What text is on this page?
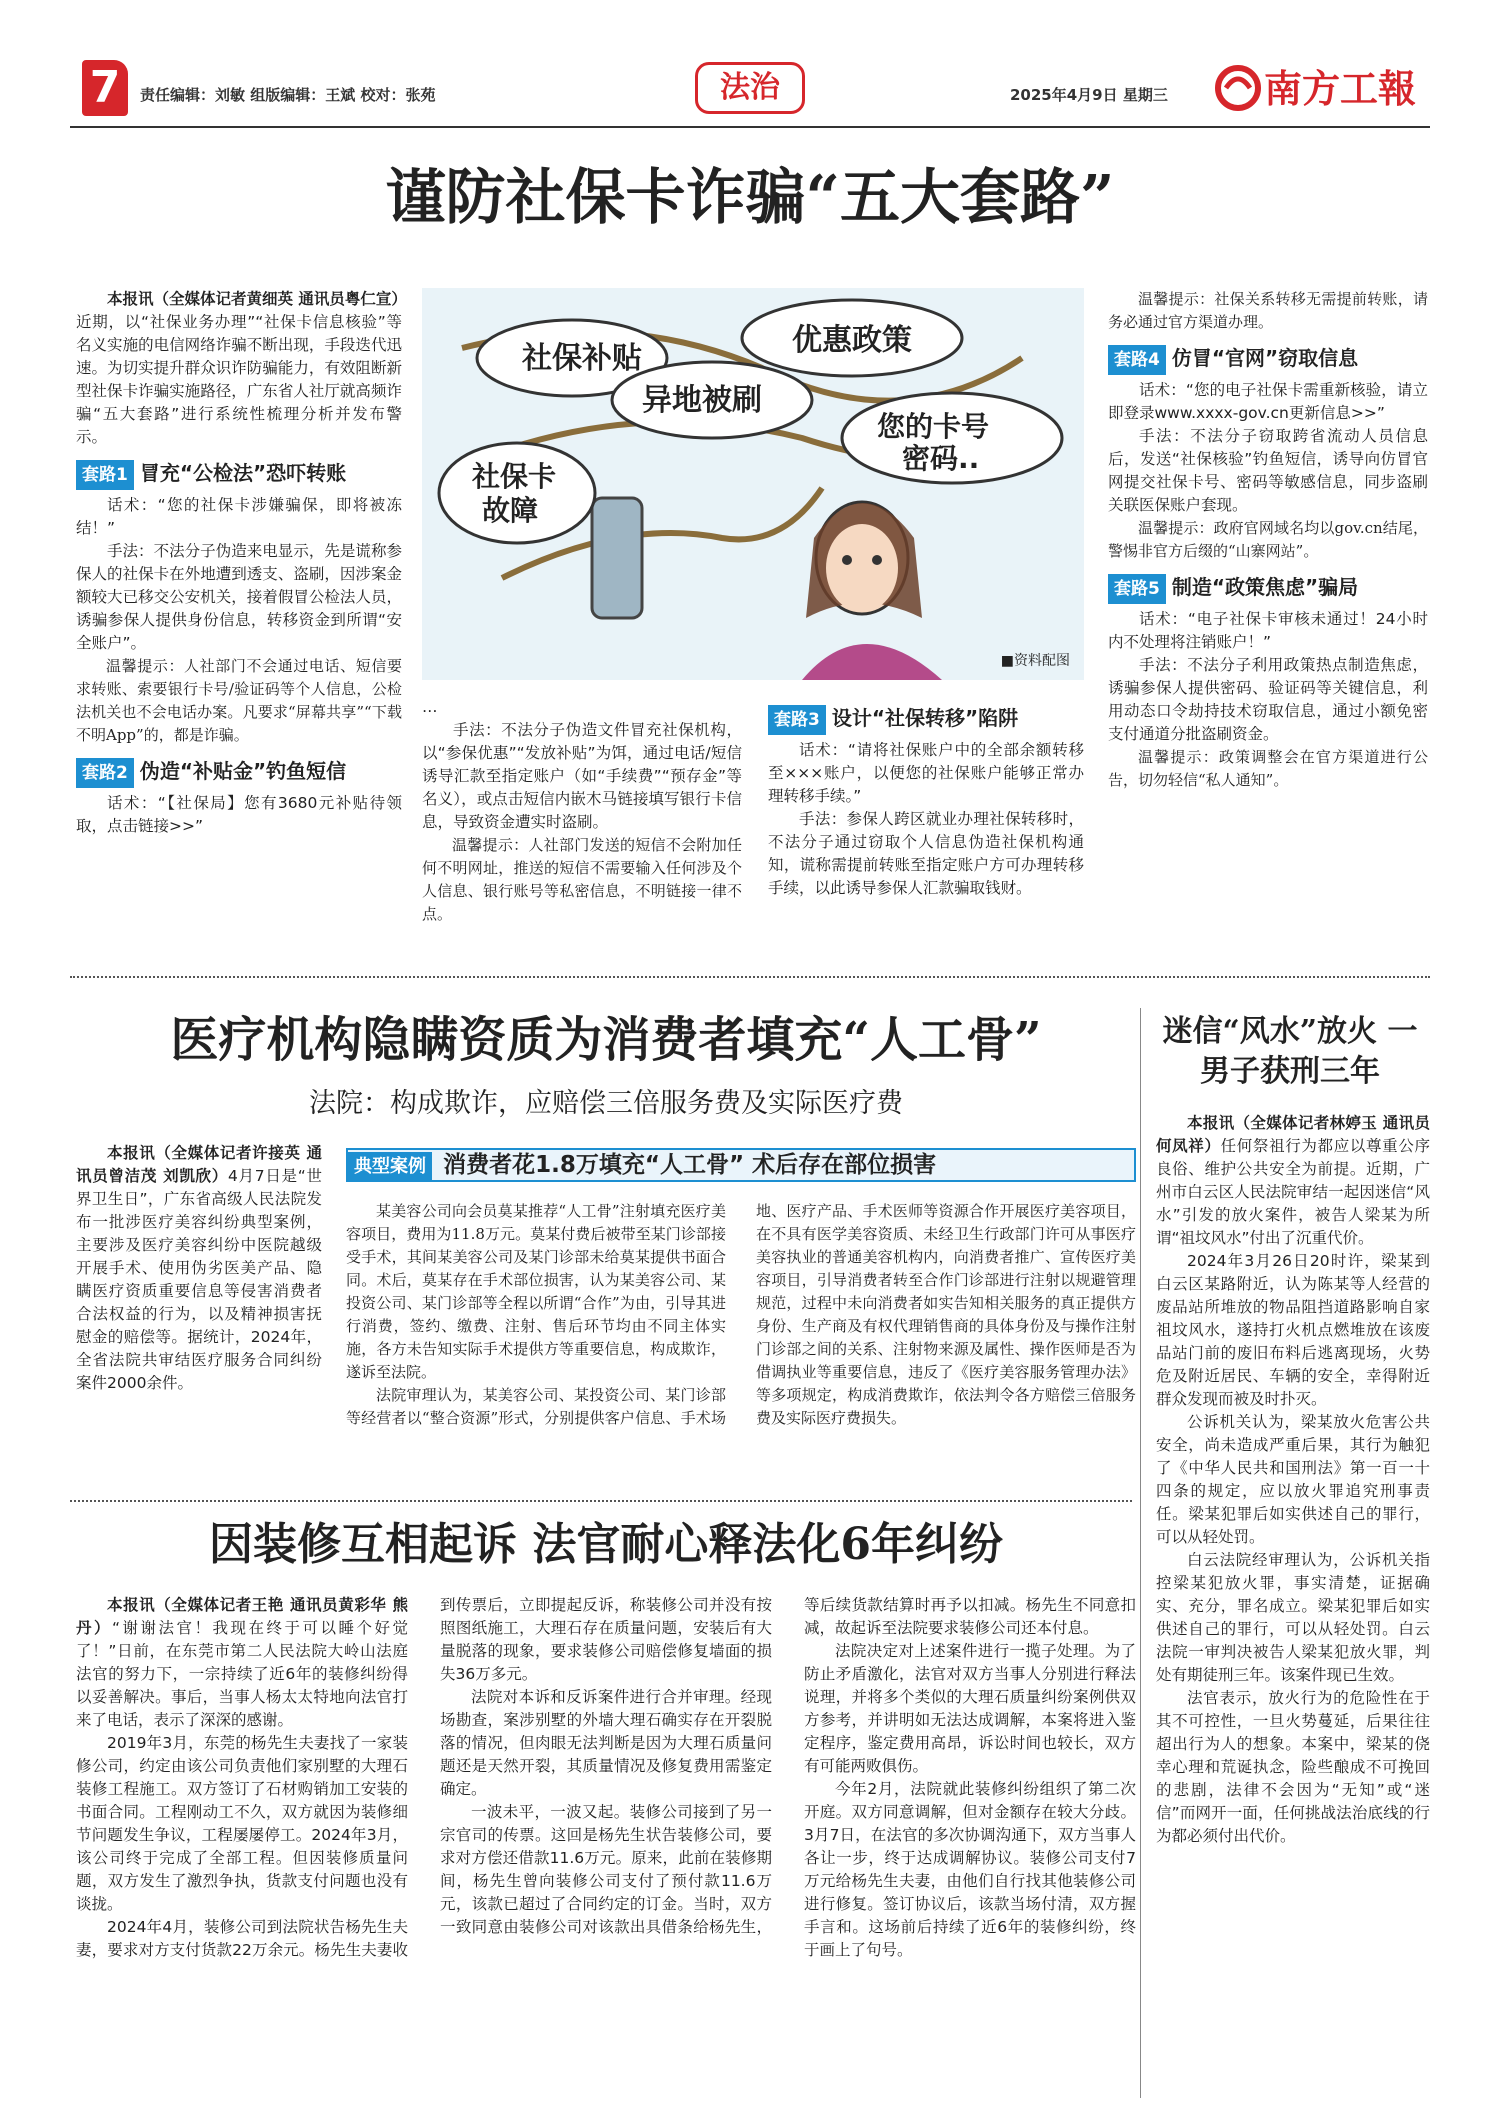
7	责任编辑：刘敏 组版编辑：王斌 校对：张苑	法治	2025年4月9日 星期三	南方工報
谨防社保卡诈骗“五大套路”

本报讯（全媒体记者黄细英 通讯员粤仁宣）近期，以“社保业务办理”“社保卡信息核验”等名义实施的电信网络诈骗不断出现，手段迭代迅速。为切实提升群众识诈防骗能力，有效阻断新型社保卡诈骗实施路径，广东省人社厅就高频诈骗“五大套路”进行系统性梳理分析并发布警示。

套路1 冒充“公检法”恐吓转账

话术：“您的社保卡涉嫌骗保，即将被冻结！”

手法：不法分子伪造来电显示，先是谎称参保人的社保卡在外地遭到透支、盗刷，因涉案金额较大已移交公安机关，接着假冒公检法人员，诱骗参保人提供身份信息，转移资金到所谓“安全账户”。

温馨提示：人社部门不会通过电话、短信要求转账、索要银行卡号/验证码等个人信息，公检法机关也不会电话办案。凡要求“屏幕共享”“下载不明App”的，都是诈骗。

套路2 伪造“补贴金”钓鱼短信

话术：“【社保局】您有3680元补贴待领取，点击链接>>”

社保补贴
异地被刷
优惠政策
您的卡号
密码..
社保卡
故障
■资料配图

…

手法：不法分子伪造文件冒充社保机构，以“参保优惠”“发放补贴”为饵，通过电话/短信诱导汇款至指定账户（如“手续费”“预存金”等名义），或点击短信内嵌木马链接填写银行卡信息，导致资金遭实时盗刷。

温馨提示：人社部门发送的短信不会附加任何不明网址，推送的短信不需要输入任何涉及个人信息、银行账号等私密信息，不明链接一律不点。

套路3 设计“社保转移”陷阱

话术：“请将社保账户中的全部余额转移至×××账户，以便您的社保账户能够正常办理转移手续。”

手法：参保人跨区就业办理社保转移时，不法分子通过窃取个人信息伪造社保机构通知，谎称需提前转账至指定账户方可办理转移手续，以此诱导参保人汇款骗取钱财。

温馨提示：社保关系转移无需提前转账，请务必通过官方渠道办理。

套路4 仿冒“官网”窃取信息

话术：“您的电子社保卡需重新核验，请立即登录www.xxxx-gov.cn更新信息>>”

手法：不法分子窃取跨省流动人员信息后，发送“社保核验”钓鱼短信，诱导向仿冒官网提交社保卡号、密码等敏感信息，同步盗刷关联医保账户套现。

温馨提示：政府官网域名均以gov.cn结尾，警惕非官方后缀的“山寨网站”。

套路5 制造“政策焦虑”骗局

话术：“电子社保卡审核未通过！24小时内不处理将注销账户！”

手法：不法分子利用政策热点制造焦虑，诱骗参保人提供密码、验证码等关键信息，利用动态口令劫持技术窃取信息，通过小额免密支付通道分批盗刷资金。

温馨提示：政策调整会在官方渠道进行公告，切勿轻信“私人通知”。

医疗机构隐瞒资质为消费者填充“人工骨”
法院：构成欺诈，应赔偿三倍服务费及实际医疗费

本报讯（全媒体记者许接英 通讯员曾洁茂 刘凯欣）4月7日是“世界卫生日”，广东省高级人民法院发布一批涉医疗美容纠纷典型案例，主要涉及医疗美容纠纷中医院越级开展手术、使用伪劣医美产品、隐瞒医疗资质重要信息等侵害消费者合法权益的行为，以及精神损害抚慰金的赔偿等。据统计，2024年，全省法院共审结医疗服务合同纠纷案件2000余件。

典型案例 消费者花1.8万填充“人工骨” 术后存在部位损害

某美容公司向会员莫某推荐“人工骨”注射填充医疗美容项目，费用为11.8万元。莫某付费后被带至某门诊部接受手术，其间某美容公司及某门诊部未给莫某提供书面合同。术后，莫某存在手术部位损害，认为某美容公司、某投资公司、某门诊部等全程以所谓“合作”为由，引导其进行消费，签约、缴费、注射、售后环节均由不同主体实施，各方未告知实际手术提供方等重要信息，构成欺诈，遂诉至法院。

法院审理认为，某美容公司、某投资公司、某门诊部等经营者以“整合资源”形式，分别提供客户信息、手术场地、医疗产品、手术医师等资源合作开展医疗美容项目，在不具有医学美容资质、未经卫生行政部门许可从事医疗美容执业的普通美容机构内，向消费者推广、宣传医疗美容项目，引导消费者转至合作门诊部进行注射以规避管理规范，过程中未向消费者如实告知相关服务的真正提供方身份、生产商及有权代理销售商的具体身份及与操作注射门诊部之间的关系、注射物来源及属性、操作医师是否为借调执业等重要信息，违反了《医疗美容服务管理办法》等多项规定，构成消费欺诈，依法判令各方赔偿三倍服务费及实际医疗费损失。

迷信“风水”放火 一男子获刑三年

本报讯（全媒体记者林婷玉 通讯员何凤祥）任何祭祖行为都应以尊重公序良俗、维护公共安全为前提。近期，广州市白云区人民法院审结一起因迷信“风水”引发的放火案件，被告人梁某为所谓“祖坟风水”付出了沉重代价。

2024年3月26日20时许，梁某到白云区某路附近，认为陈某等人经营的废品站所堆放的物品阻挡道路影响自家祖坟风水，遂持打火机点燃堆放在该废品站门前的废旧布料后逃离现场，火势危及附近居民、车辆的安全，幸得附近群众发现而被及时扑灭。

公诉机关认为，梁某放火危害公共安全，尚未造成严重后果，其行为触犯了《中华人民共和国刑法》第一百一十四条的规定，应以放火罪追究刑事责任。梁某犯罪后如实供述自己的罪行，可以从轻处罚。

白云法院经审理认为，公诉机关指控梁某犯放火罪，事实清楚，证据确实、充分，罪名成立。梁某犯罪后如实供述自己的罪行，可以从轻处罚。白云法院一审判决被告人梁某犯放火罪，判处有期徒刑三年。该案件现已生效。

法官表示，放火行为的危险性在于其不可控性，一旦火势蔓延，后果往往超出行为人的想象。本案中，梁某的侥幸心理和荒诞执念，险些酿成不可挽回的悲剧，法律不会因为“无知”或“迷信”而网开一面，任何挑战法治底线的行为都必须付出代价。

因装修互相起诉 法官耐心释法化6年纠纷

本报讯（全媒体记者王艳 通讯员黄彩华 熊丹）“谢谢法官！我现在终于可以睡个好觉了！”日前，在东莞市第二人民法院大岭山法庭法官的努力下，一宗持续了近6年的装修纠纷得以妥善解决。事后，当事人杨太太特地向法官打来了电话，表示了深深的感谢。

2019年3月，东莞的杨先生夫妻找了一家装修公司，约定由该公司负责他们家别墅的大理石装修工程施工。双方签订了石材购销加工安装的书面合同。工程刚动工不久，双方就因为装修细节问题发生争议，工程屡屡停工。2024年3月，该公司终于完成了全部工程。但因装修质量问题，双方发生了激烈争执，货款支付问题也没有谈拢。

2024年4月，装修公司到法院状告杨先生夫妻，要求对方支付货款22万余元。杨先生夫妻收到传票后，立即提起反诉，称装修公司并没有按照图纸施工，大理石存在质量问题，安装后有大量脱落的现象，要求装修公司赔偿修复墙面的损失36万多元。

法院对本诉和反诉案件进行合并审理。经现场勘查，案涉别墅的外墙大理石确实存在开裂脱落的情况，但肉眼无法判断是因为大理石质量问题还是天然开裂，其质量情况及修复费用需鉴定确定。

一波未平，一波又起。装修公司接到了另一宗官司的传票。这回是杨先生状告装修公司，要求对方偿还借款11.6万元。原来，此前在装修期间，杨先生曾向装修公司支付了预付款11.6万元，该款已超过了合同约定的订金。当时，双方一致同意由装修公司对该款出具借条给杨先生，等后续货款结算时再予以扣减。杨先生不同意扣减，故起诉至法院要求装修公司还本付息。

法院决定对上述案件进行一揽子处理。为了防止矛盾激化，法官对双方当事人分别进行释法说理，并将多个类似的大理石质量纠纷案例供双方参考，并讲明如无法达成调解，本案将进入鉴定程序，鉴定费用高昂，诉讼时间也较长，双方有可能两败俱伤。

今年2月，法院就此装修纠纷组织了第二次开庭。双方同意调解，但对金额存在较大分歧。3月7日，在法官的多次协调沟通下，双方当事人各让一步，终于达成调解协议。装修公司支付7万元给杨先生夫妻，由他们自行找其他装修公司进行修复。签订协议后，该款当场付清，双方握手言和。这场前后持续了近6年的装修纠纷，终于画上了句号。
